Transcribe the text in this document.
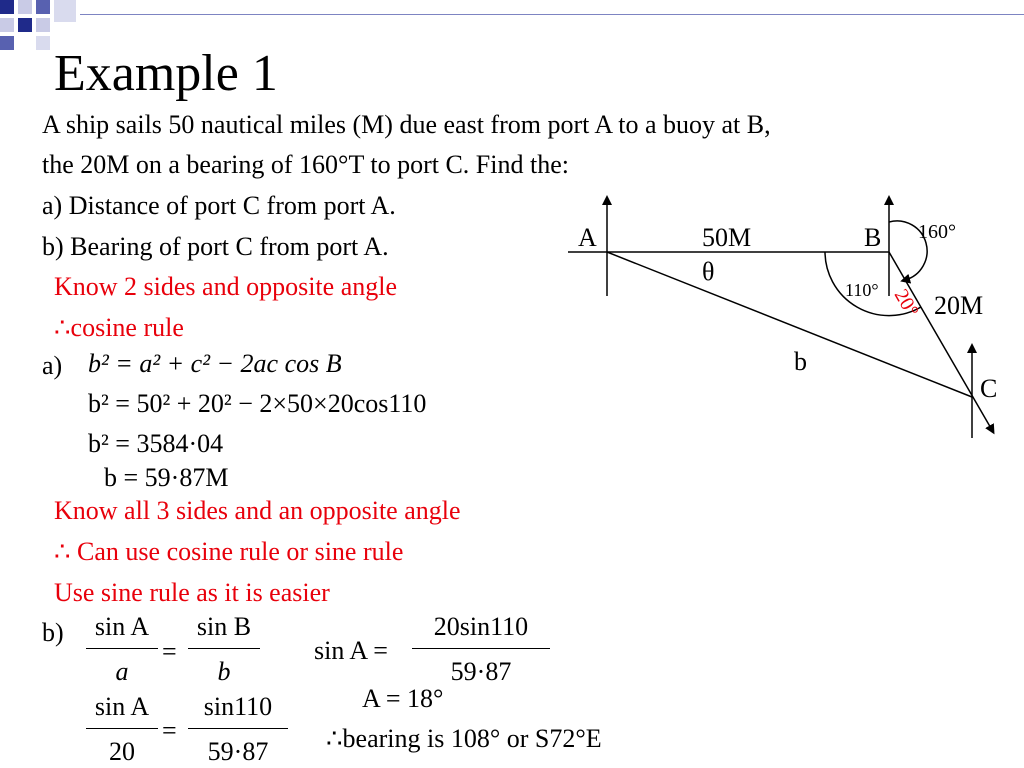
Example 1
A ship sails 50 nautical miles (M) due east from port A to a buoy at B,
the 20M on a bearing of 160°T to port C. Find the:
a) Distance of port C from port A.
b) Bearing of port C from port A.
Know 2 sides and opposite angle
∴cosine rule
a) b² = a² + c² − 2ac cos B
b² = 50² + 20² − 2×50×20cos110
b² = 3584·04
b = 59·87M
Know all 3 sides and an opposite angle
∴ Can use cosine rule or sine rule
Use sine rule as it is easier
b)	sin A
a
=
sin B
b
sin A
20
=
sin110
59·87
sin A =
20sin110
59·87
A = 18°
∴bearing is 108° or S72°E
A	B
C
50M
20M
b
θ
160°
110° 20°
